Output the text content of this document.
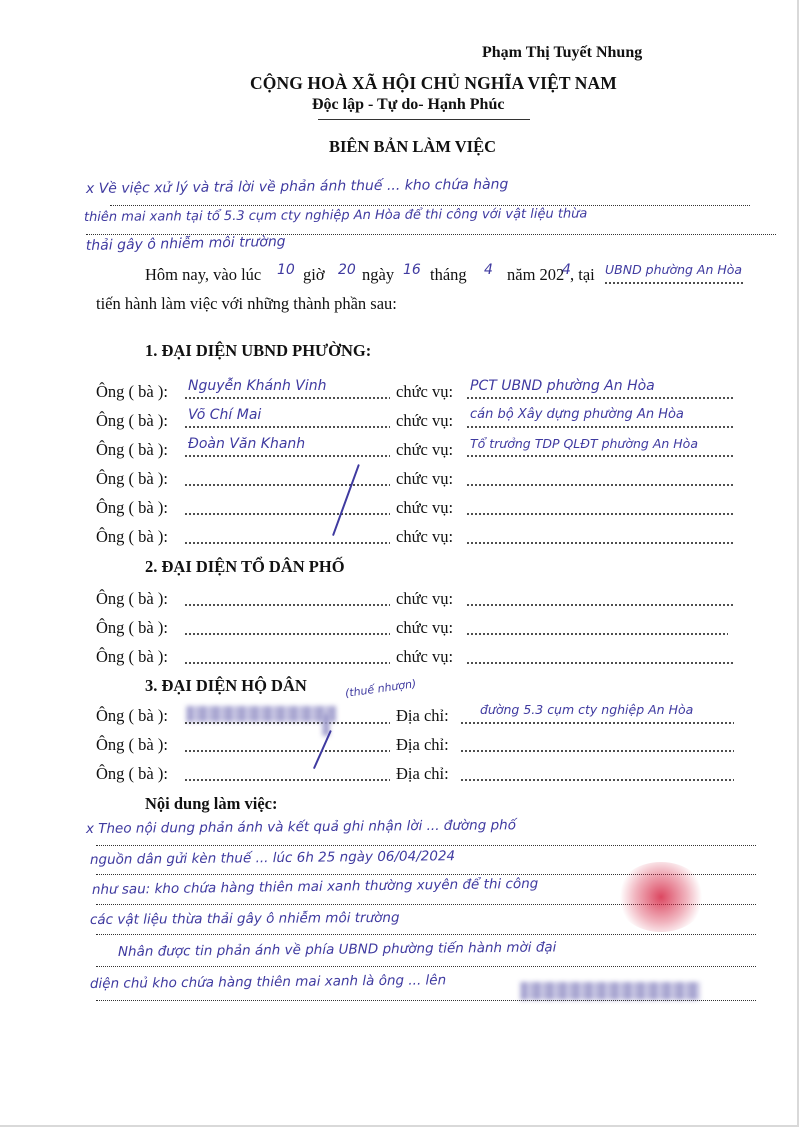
Phạm Thị Tuyết Nhung
CỘNG HOÀ XÃ HỘI CHỦ NGHĨA VIỆT NAM
Độc lập - Tự do- Hạnh Phúc
BIÊN BẢN LÀM VIỆC
x Về việc xử lý và trả lời về phản ánh thuế ... kho chứa hàng
thiên mai xanh tại tổ 5.3 cụm cty nghiệp An Hòa để thi công với vật liệu thừa
thải gây ô nhiễm môi trường
Hôm nay, vào lúc 10 giờ 20 ngày 16 tháng 4 năm 202
4 , tại UBND phường An Hòa
tiến hành làm việc với những thành phần sau:
1. ĐẠI DIỆN UBND PHƯỜNG:
Ông ( bà ): Nguyễn Khánh Vinh	chức vụ: PCT UBND phường An Hòa
Ông ( bà ): Võ Chí Mai	chức vụ: cán bộ Xây dựng phường An Hòa
Ông ( bà ): Đoàn Văn Khanh	chức vụ: Tổ trưởng TDP QLĐT phường An Hòa
Ông ( bà ):	chức vụ:
Ông ( bà ):	chức vụ:
Ông ( bà ):	chức vụ:
2. ĐẠI DIỆN TỔ DÂN PHỐ
Ông ( bà ):	chức vụ:
Ông ( bà ):	chức vụ:
Ông ( bà ):	chức vụ:
3. ĐẠI DIỆN HỘ DÂN	(thuế nhượn)
Ông ( bà ):	Địa chỉ:	đường 5.3 cụm cty nghiệp An Hòa
Ông ( bà ):	Địa chỉ:
Ông ( bà ):	Địa chỉ:
Nội dung làm việc:
x Theo nội dung phản ánh và kết quả ghi nhận lời ... đường phố
nguồn dân gửi kèn thuế ... lúc 6h 25 ngày 06/04/2024
như sau: kho chứa hàng thiên mai xanh thường xuyên để thi công
các vật liệu thừa thải gây ô nhiễm môi trường
Nhân được tin phản ánh về phía UBND phường tiến hành mời đại
diện chủ kho chứa hàng thiên mai xanh là ông ... lên
